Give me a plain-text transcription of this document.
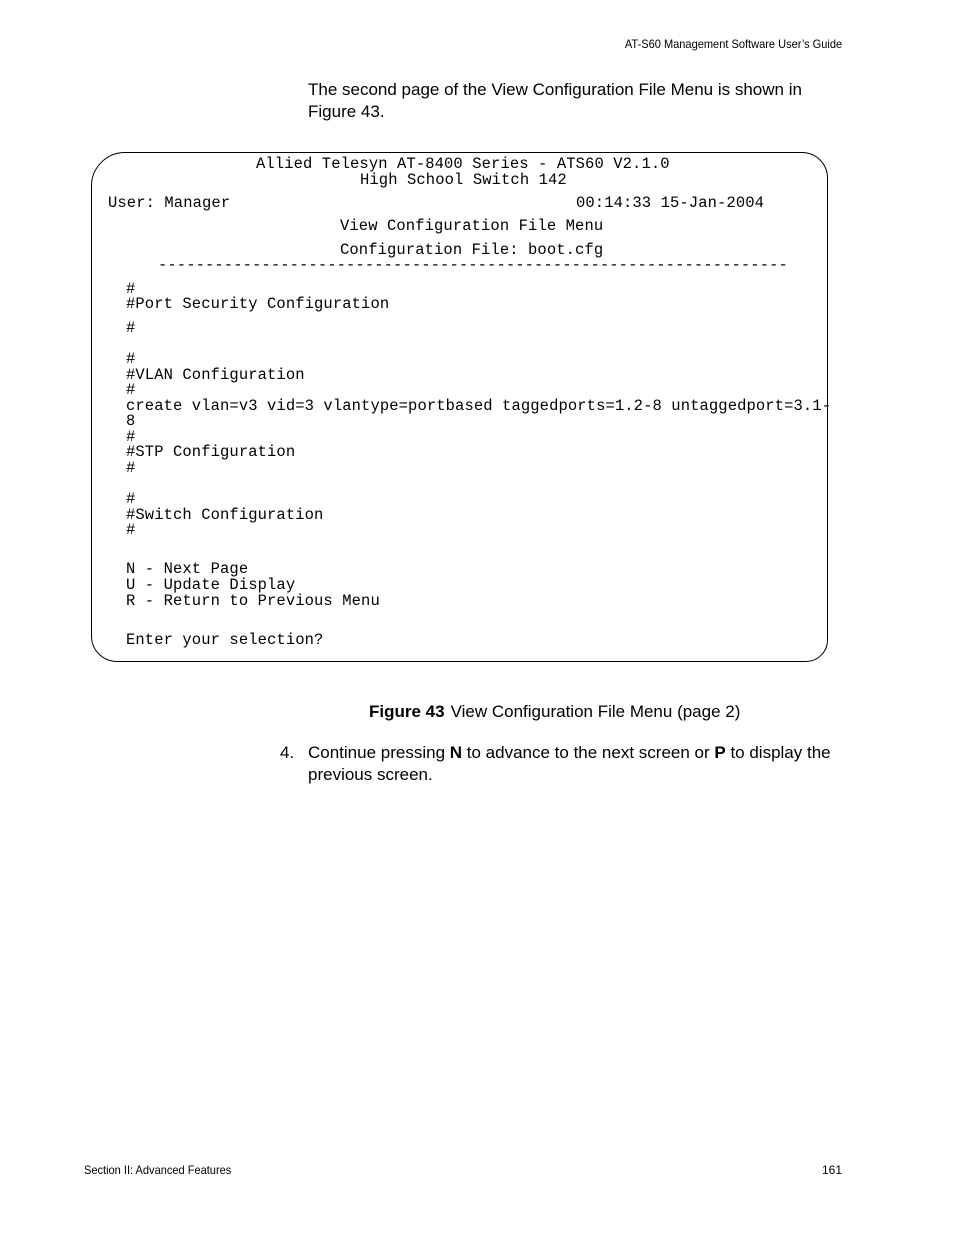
AT-S60 Management Software User’s Guide

The second page of the View Configuration File Menu is shown in Figure 43.

Allied Telesyn AT-8400 Series - ATS60 V2.1.0
High School Switch 142
User: Manager	00:14:33 15-Jan-2004
View Configuration File Menu
Configuration File: boot.cfg
-------------------------------------------------------------------
#
#Port Security Configuration
#
#
#VLAN Configuration
#
create vlan=v3 vid=3 vlantype=portbased taggedports=1.2-8 untaggedport=3.1-
8
#
#STP Configuration
#
#
#Switch Configuration
#
N - Next Page
U - Update Display
R - Return to Previous Menu
Enter your selection?
Figure 43 View Configuration File Menu (page 2)
4. Continue pressing N to advance to the next screen or P to display the previous screen.
Section II: Advanced Features	161
